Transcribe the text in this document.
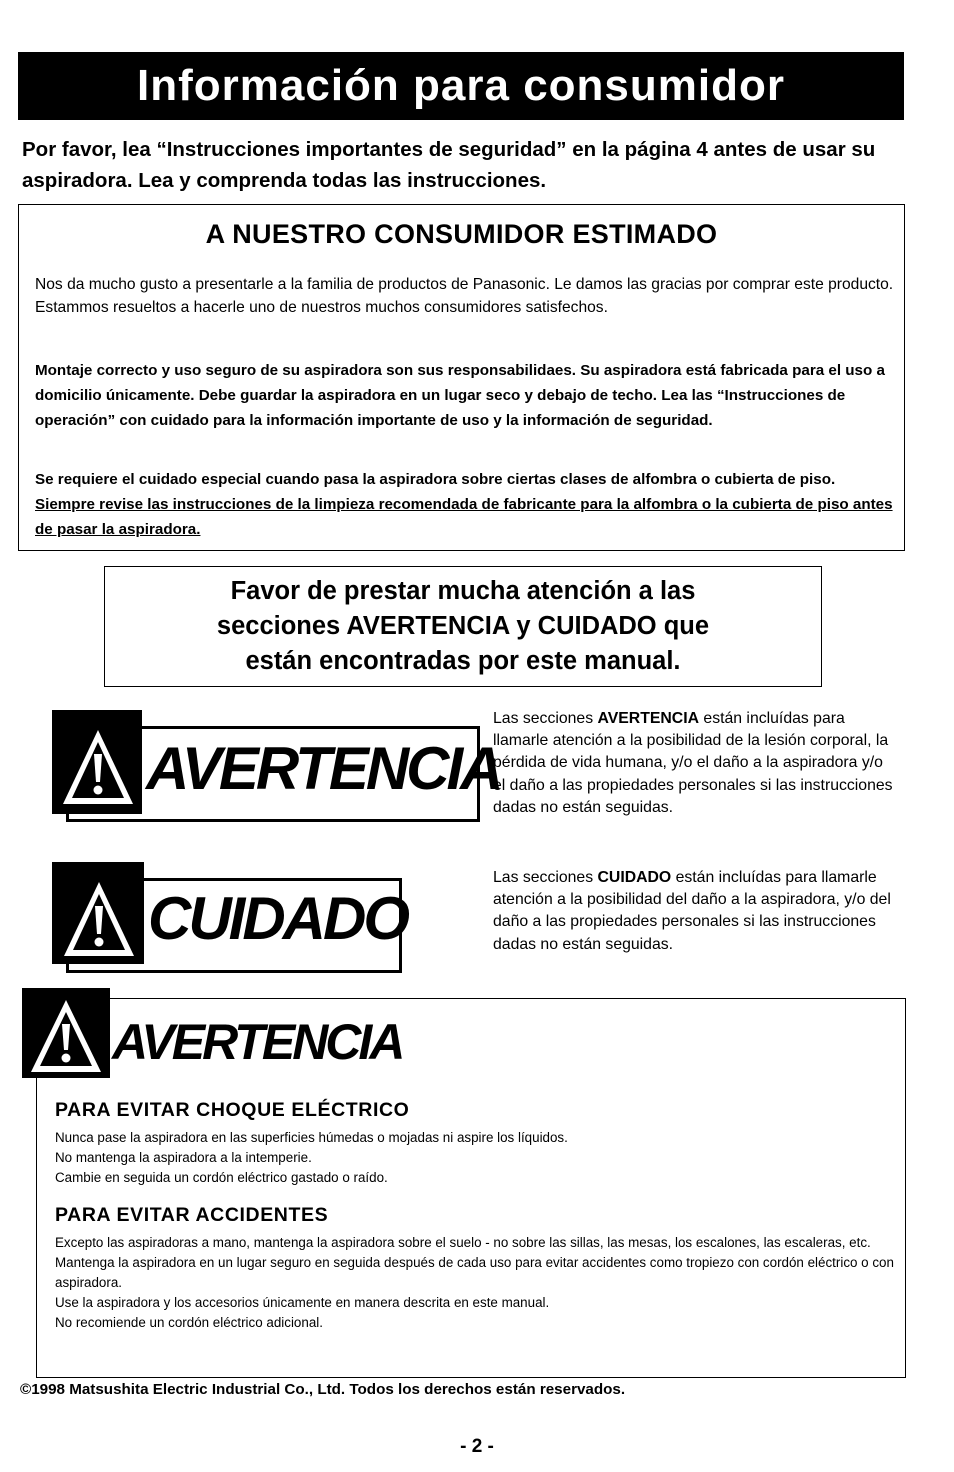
Información para consumidor
Por favor, lea “Instrucciones importantes de seguridad” en la página 4 antes de usar su aspiradora. Lea y comprenda todas las instrucciones.
A NUESTRO CONSUMIDOR ESTIMADO
Nos da mucho gusto a presentarle a la familia de productos de Panasonic. Le damos las gracias por comprar este producto. Estammos resueltos a hacerle uno de nuestros muchos consumidores satisfechos.
Montaje correcto y uso seguro de su aspiradora son sus responsabilidaes. Su aspiradora está fabricada para el uso a domicilio únicamente. Debe guardar la aspiradora en un lugar seco y debajo de techo. Lea las “Instrucciones de operación” con cuidado para la información importante de uso y la información de seguridad.
Se requiere el cuidado especial cuando pasa la aspiradora sobre ciertas clases de alfombra o cubierta de piso.  Siempre revise las instrucciones de la limpieza recomendada de fabricante para la alfombra o la cubierta de piso antes de pasar la aspiradora.
Favor de prestar mucha atención a las
secciones AVERTENCIA y CUIDADO que
están encontradas por este manual.
AVERTENCIA
Las secciones AVERTENCIA están incluídas para llamarle atención a la posibilidad de la lesión corporal, la pérdida de vida humana, y/o el daño a la aspiradora y/o el daño a las propiedades personales si las instrucciones dadas no están seguidas.
CUIDADO
Las secciones CUIDADO están incluídas para llamarle atención a la posibilidad del daño a la aspiradora, y/o del daño a las propiedades personales si las instrucciones dadas no están seguidas.
PARA EVITAR CHOQUE ELÉCTRICO
Nunca pase la aspiradora en las superficies húmedas o mojadas ni aspire los líquidos.
No mantenga la aspiradora a la intemperie.
Cambie en seguida un cordón eléctrico gastado o raído.
PARA EVITAR ACCIDENTES
Excepto las aspiradoras a mano, mantenga la aspiradora sobre el suelo - no sobre las sillas, las mesas, los escalones, las escaleras, etc.
Mantenga la aspiradora en un lugar seguro en seguida después de cada uso para evitar accidentes como tropiezo con cordón eléctrico o con aspiradora.
Use la aspiradora y los accesorios únicamente en manera descrita en este manual.
No recomiende un cordón eléctrico adicional.
AVERTENCIA
©1998 Matsushita Electric Industrial Co., Ltd. Todos los derechos están reservados.
- 2 -
